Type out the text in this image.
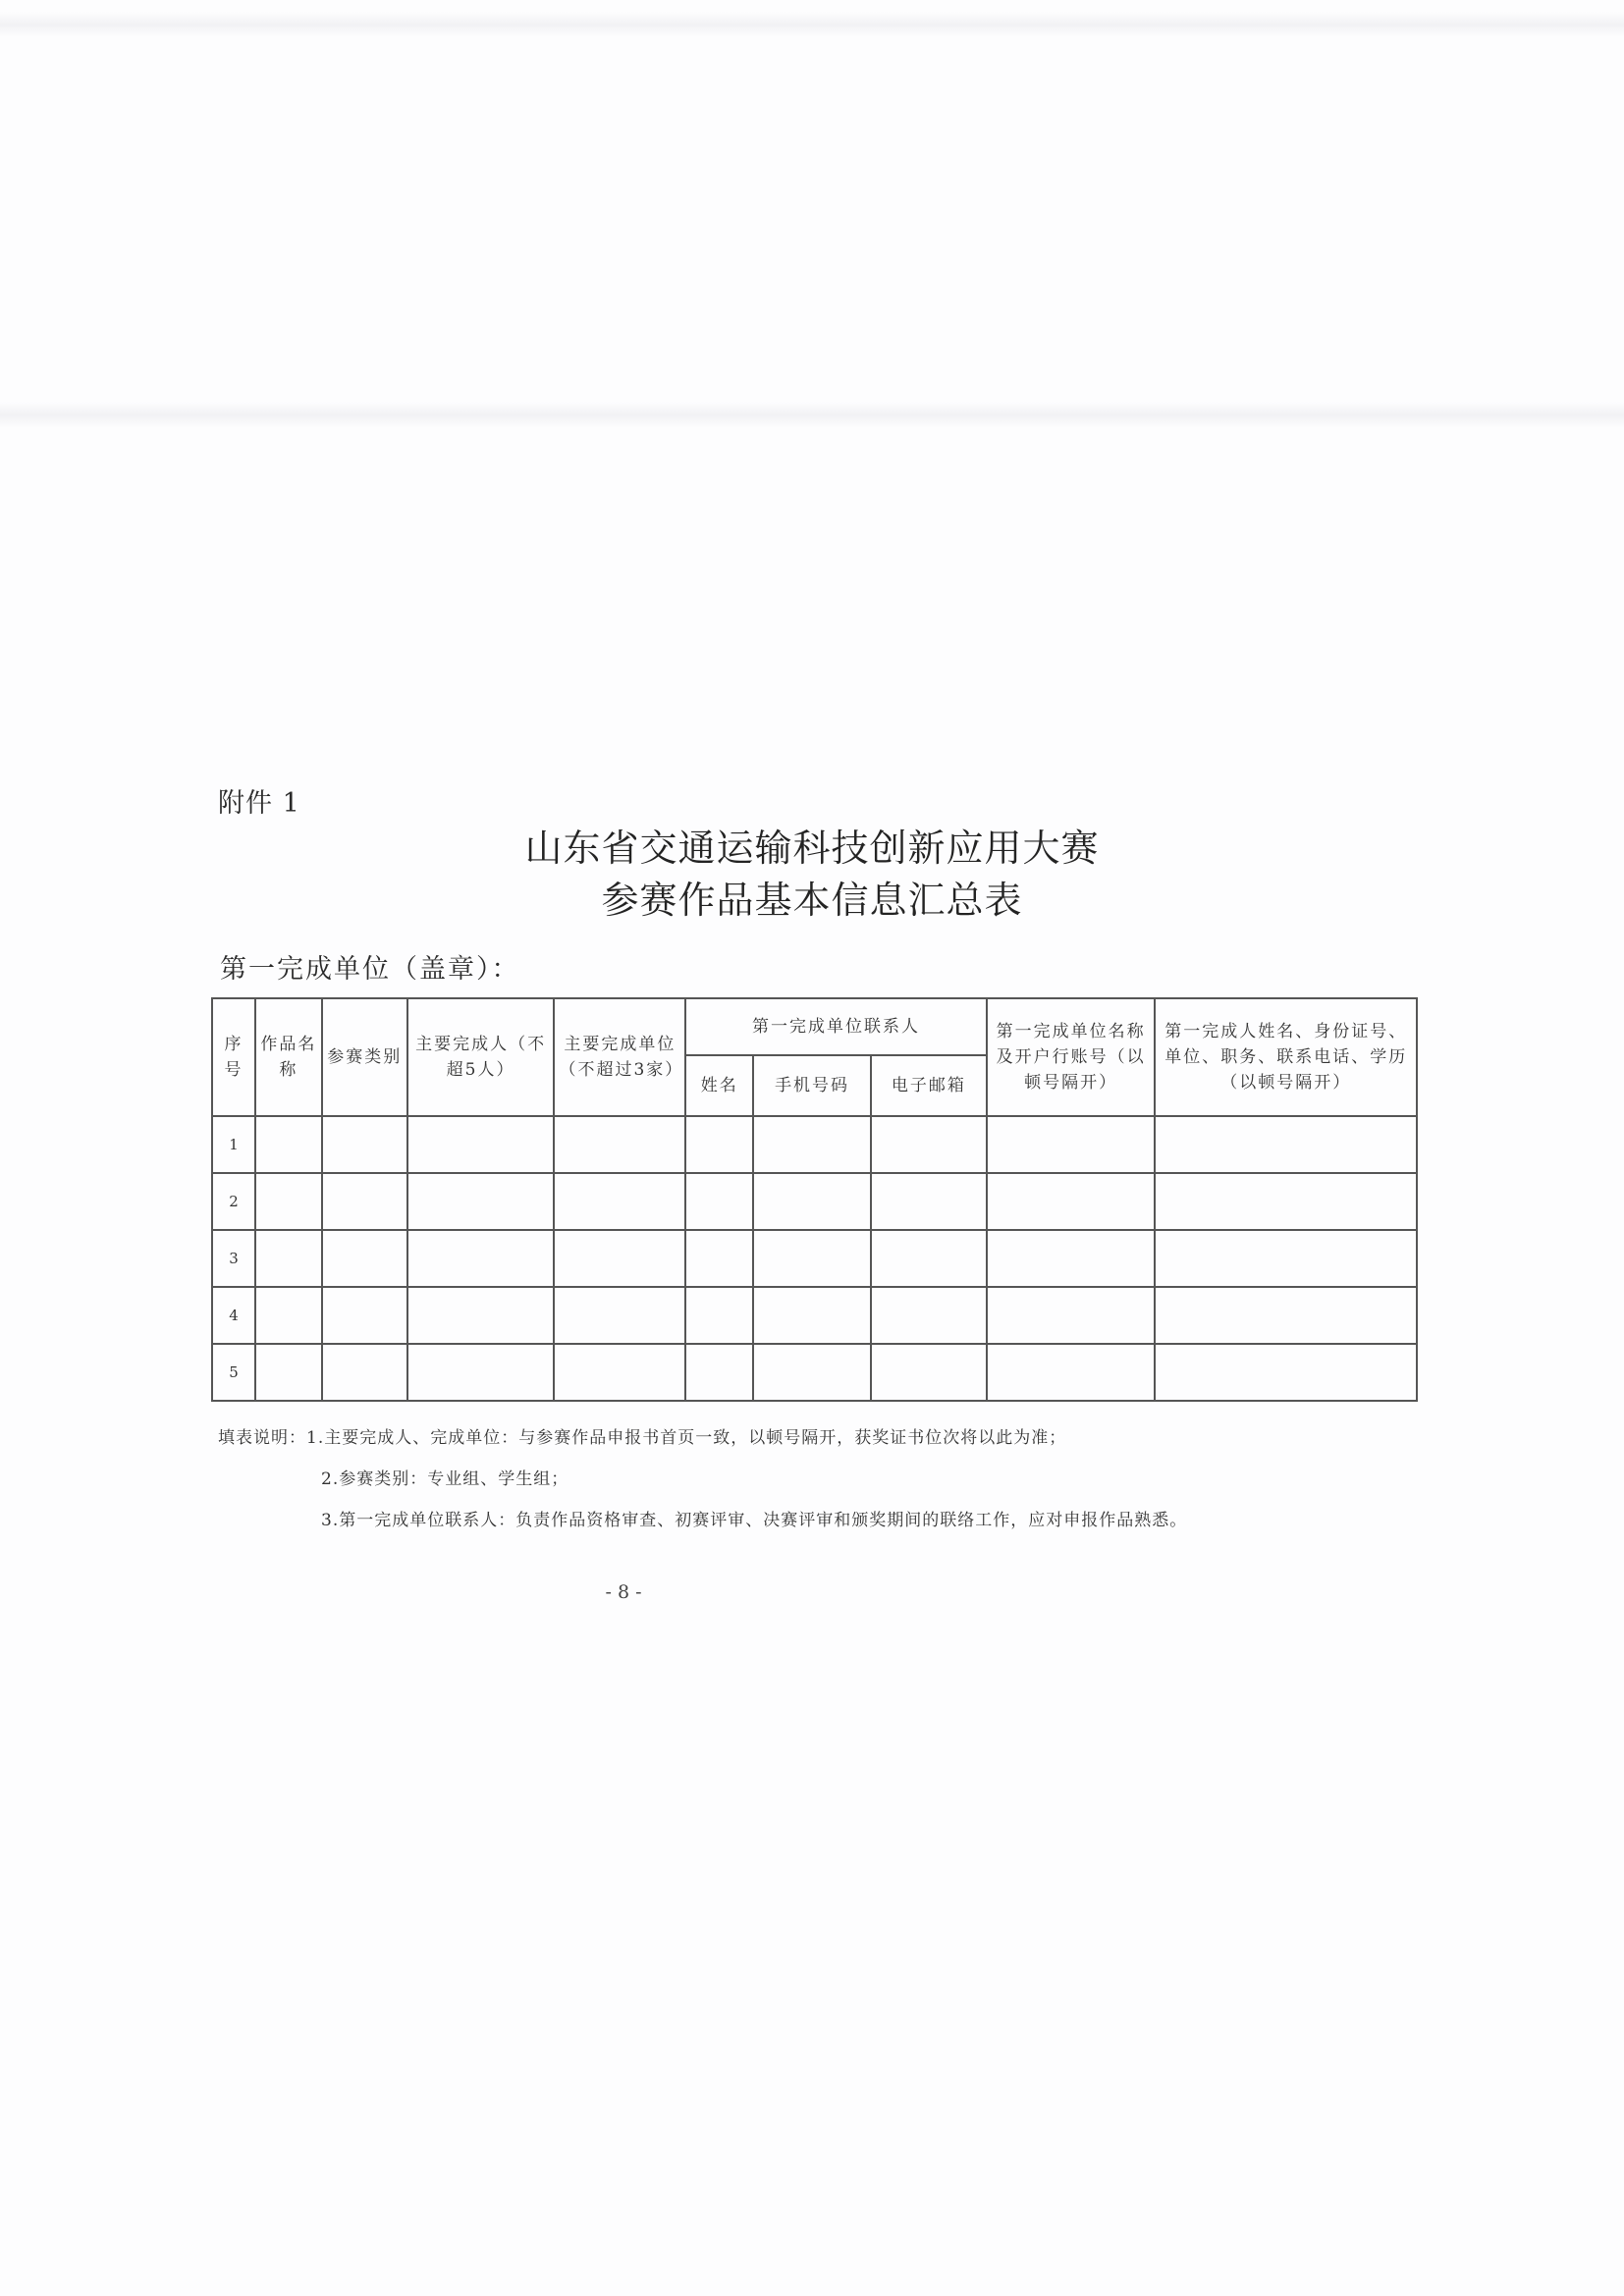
附件 1
山东省交通运输科技创新应用大赛
参赛作品基本信息汇总表
第一完成单位（盖章）：
序号	作品名称	参赛类别	主要完成人（不超5人）	主要完成单位（不超过3家）	第一完成单位联系人			第一完成单位名称及开户行账号（以顿号隔开）	第一完成人姓名、身份证号、单位、职务、联系电话、学历（以顿号隔开）
					姓名	手机号码	电子邮箱		
1									
2									
3									
4									
5									
填表说明：1.主要完成人、完成单位：与参赛作品申报书首页一致，以顿号隔开，获奖证书位次将以此为准；
2.参赛类别：专业组、学生组；
3.第一完成单位联系人：负责作品资格审查、初赛评审、决赛评审和颁奖期间的联络工作，应对申报作品熟悉。
- 8 -
